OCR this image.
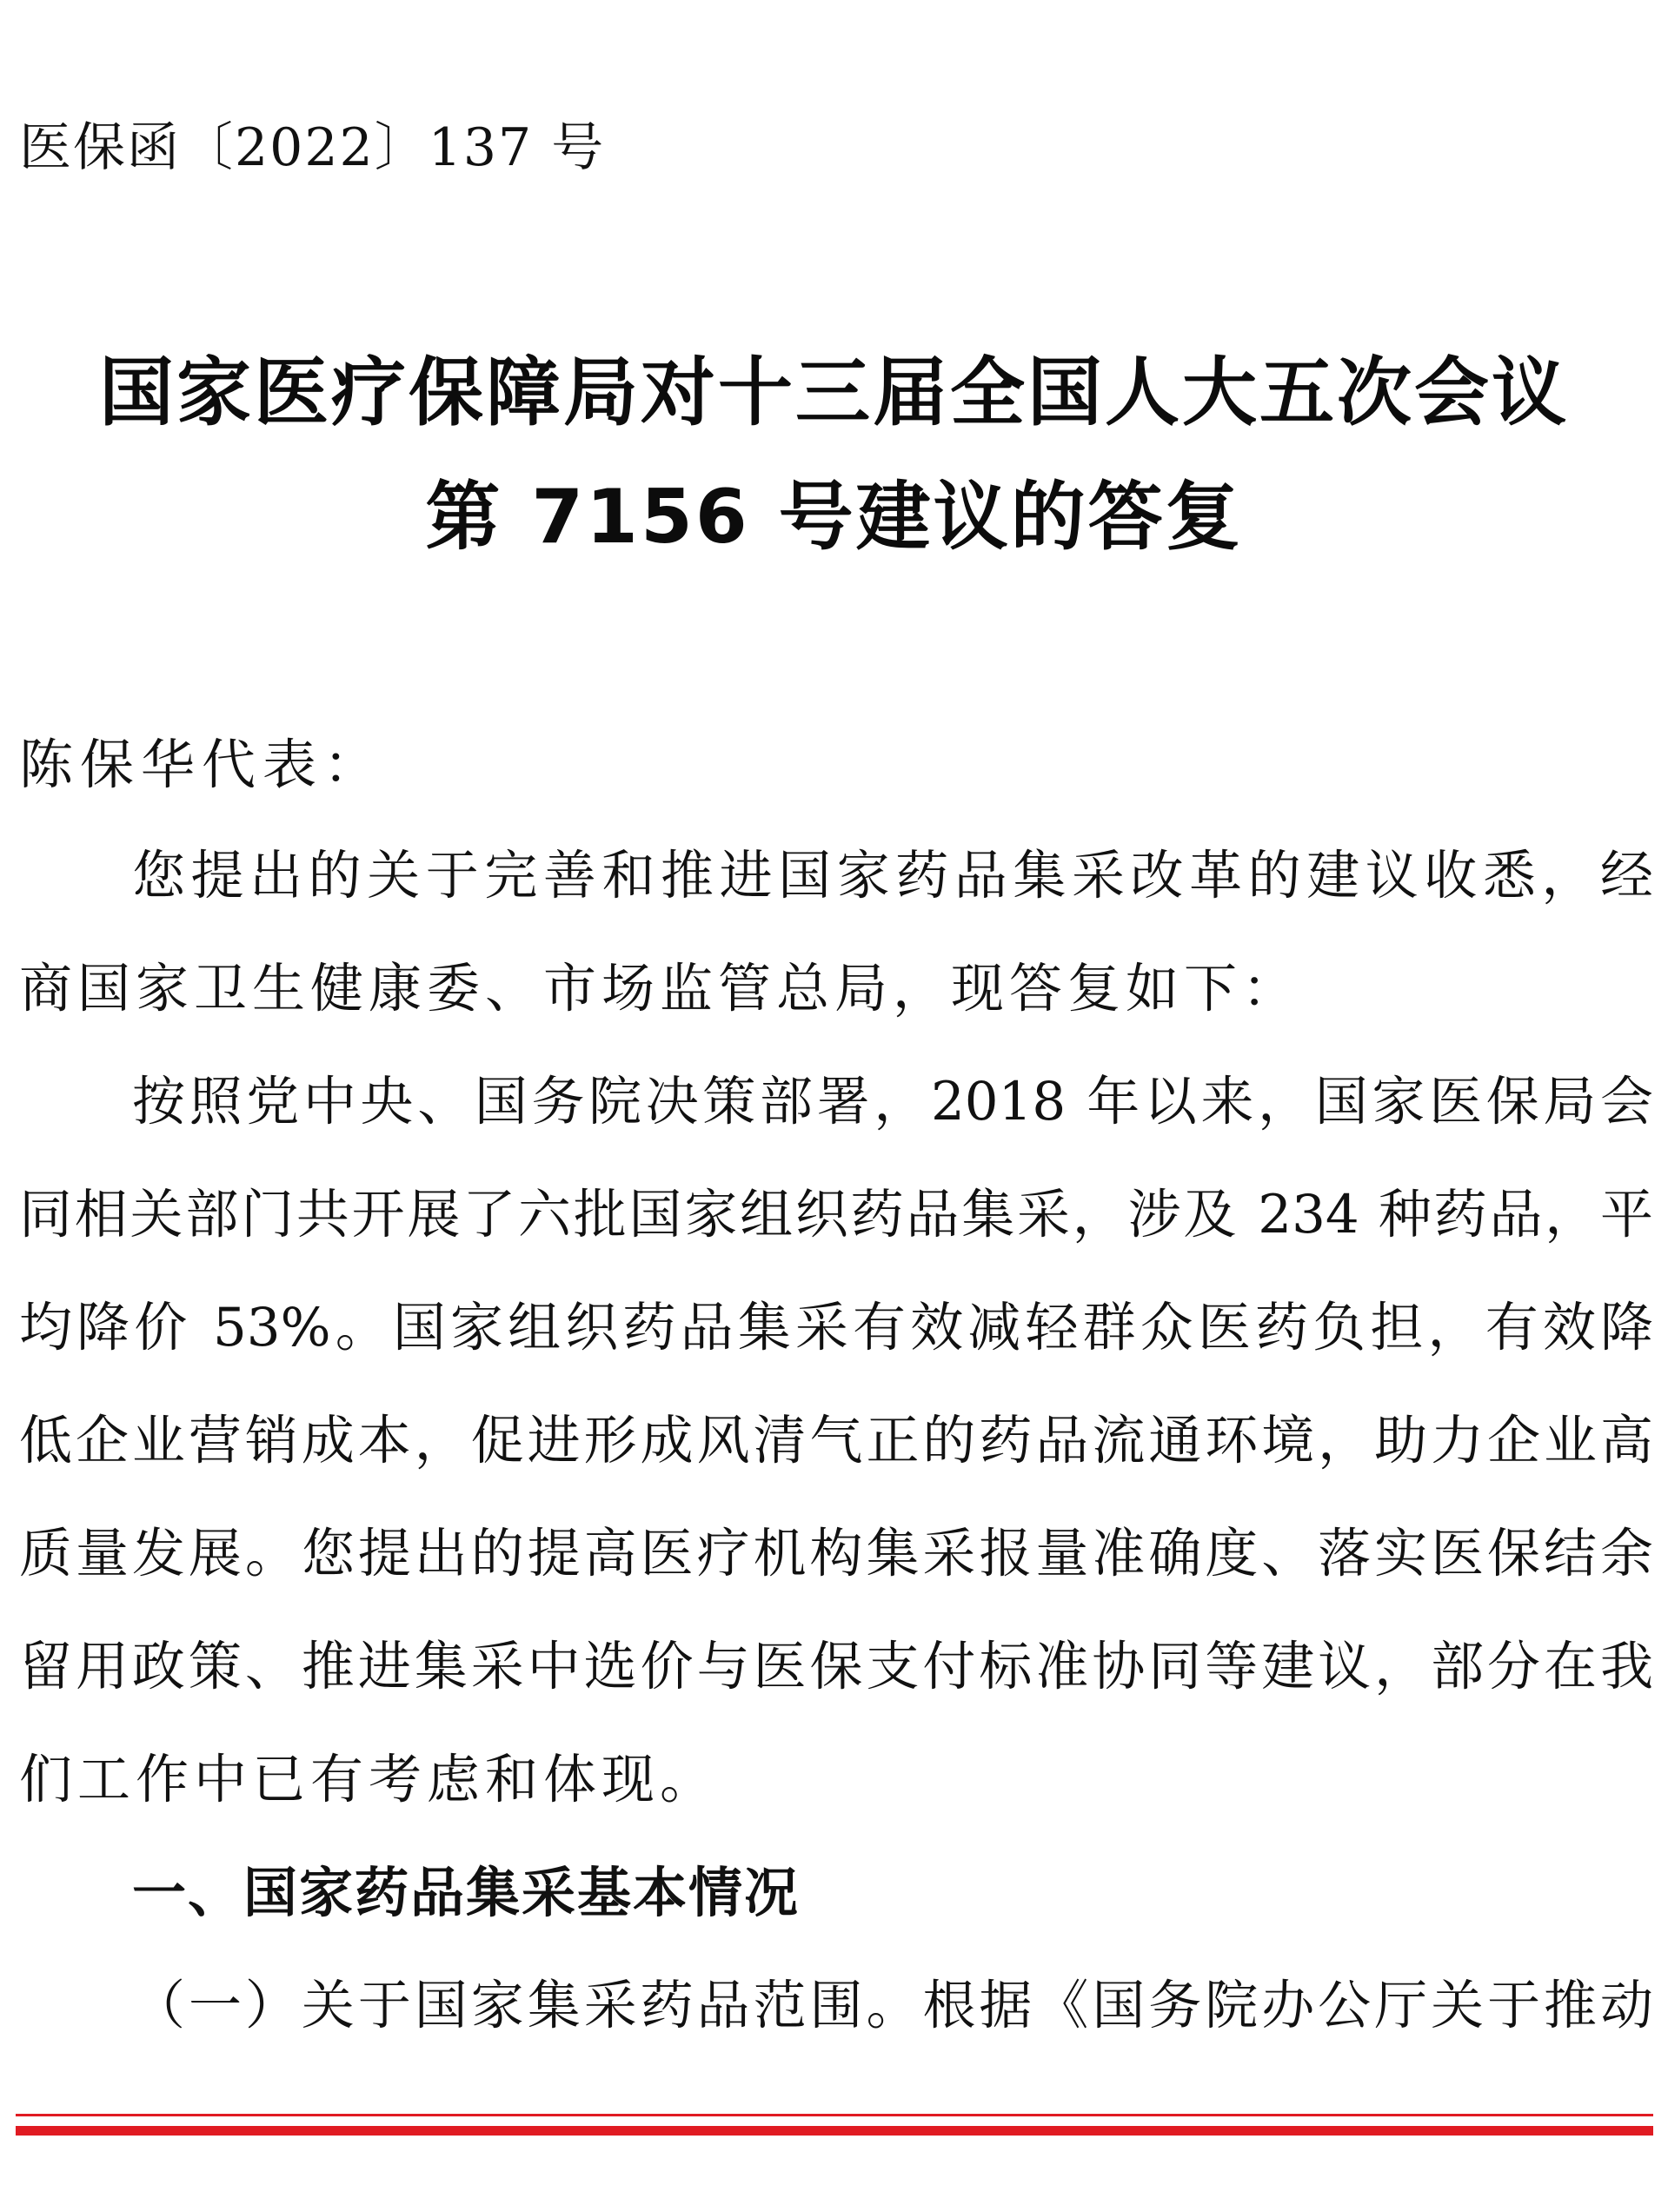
医保函〔2022〕137 号
国家医疗保障局对十三届全国人大五次会议
第 7156 号建议的答复
陈保华代表：
您提出的关于完善和推进国家药品集采改革的建议收悉，经
商国家卫生健康委、市场监管总局，现答复如下：
按照党中央、国务院决策部署，2018 年以来，国家医保局会
同相关部门共开展了六批国家组织药品集采，涉及 234 种药品，平
均降价 53%。国家组织药品集采有效减轻群众医药负担，有效降
低企业营销成本，促进形成风清气正的药品流通环境，助力企业高
质量发展。您提出的提高医疗机构集采报量准确度、落实医保结余
留用政策、推进集采中选价与医保支付标准协同等建议，部分在我
们工作中已有考虑和体现。
一、国家药品集采基本情况
（一）关于国家集采药品范围。根据《国务院办公厅关于推动
